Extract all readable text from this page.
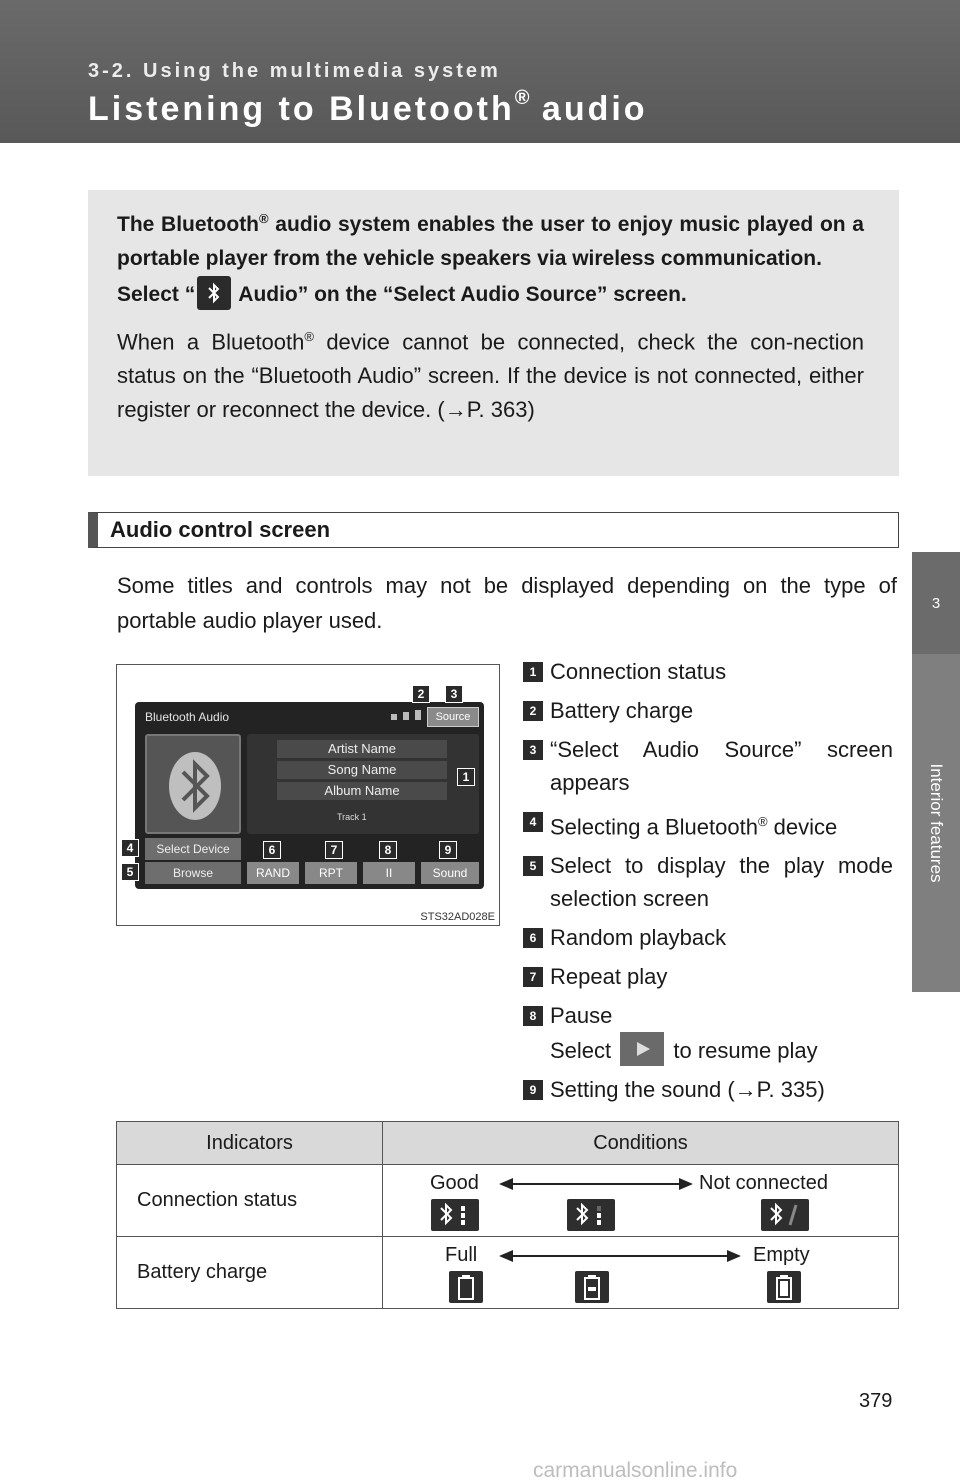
3-2. Using the multimedia system
Listening to Bluetooth® audio
3
Interior features

The Bluetooth® audio system enables the user to enjoy music played on a portable player from the vehicle speakers via wireless communication.

Select “
Audio” on the “Select Audio Source” screen.

When a Bluetooth® device cannot be connected, check the con-nection status on the “Bluetooth Audio” screen. If the device is not connected, either register or reconnect the device. (→P. 363)

Audio control screen
Some titles and controls may not be displayed depending on the type of portable audio player used.
Bluetooth Audio	Source
Artist Name
Song Name
Album Name
Track 1
Select Device
Browse	RAND	RPT	II	Sound
2	3
1
4
5
6	7	8	9
STS32AD028E
1 Connection status
2 Battery charge
3 “Select Audio Source” screen appears
4 Selecting a Bluetooth® device
5 Select to display the play mode selection screen
6 Random playback
7 Repeat play
8 Pause
Select  to resume play
9 Setting the sound (→P. 335)
Indicators	Conditions
Connection status	Good Not connected

Battery charge	Full Empty
379
carmanualsonline.info
